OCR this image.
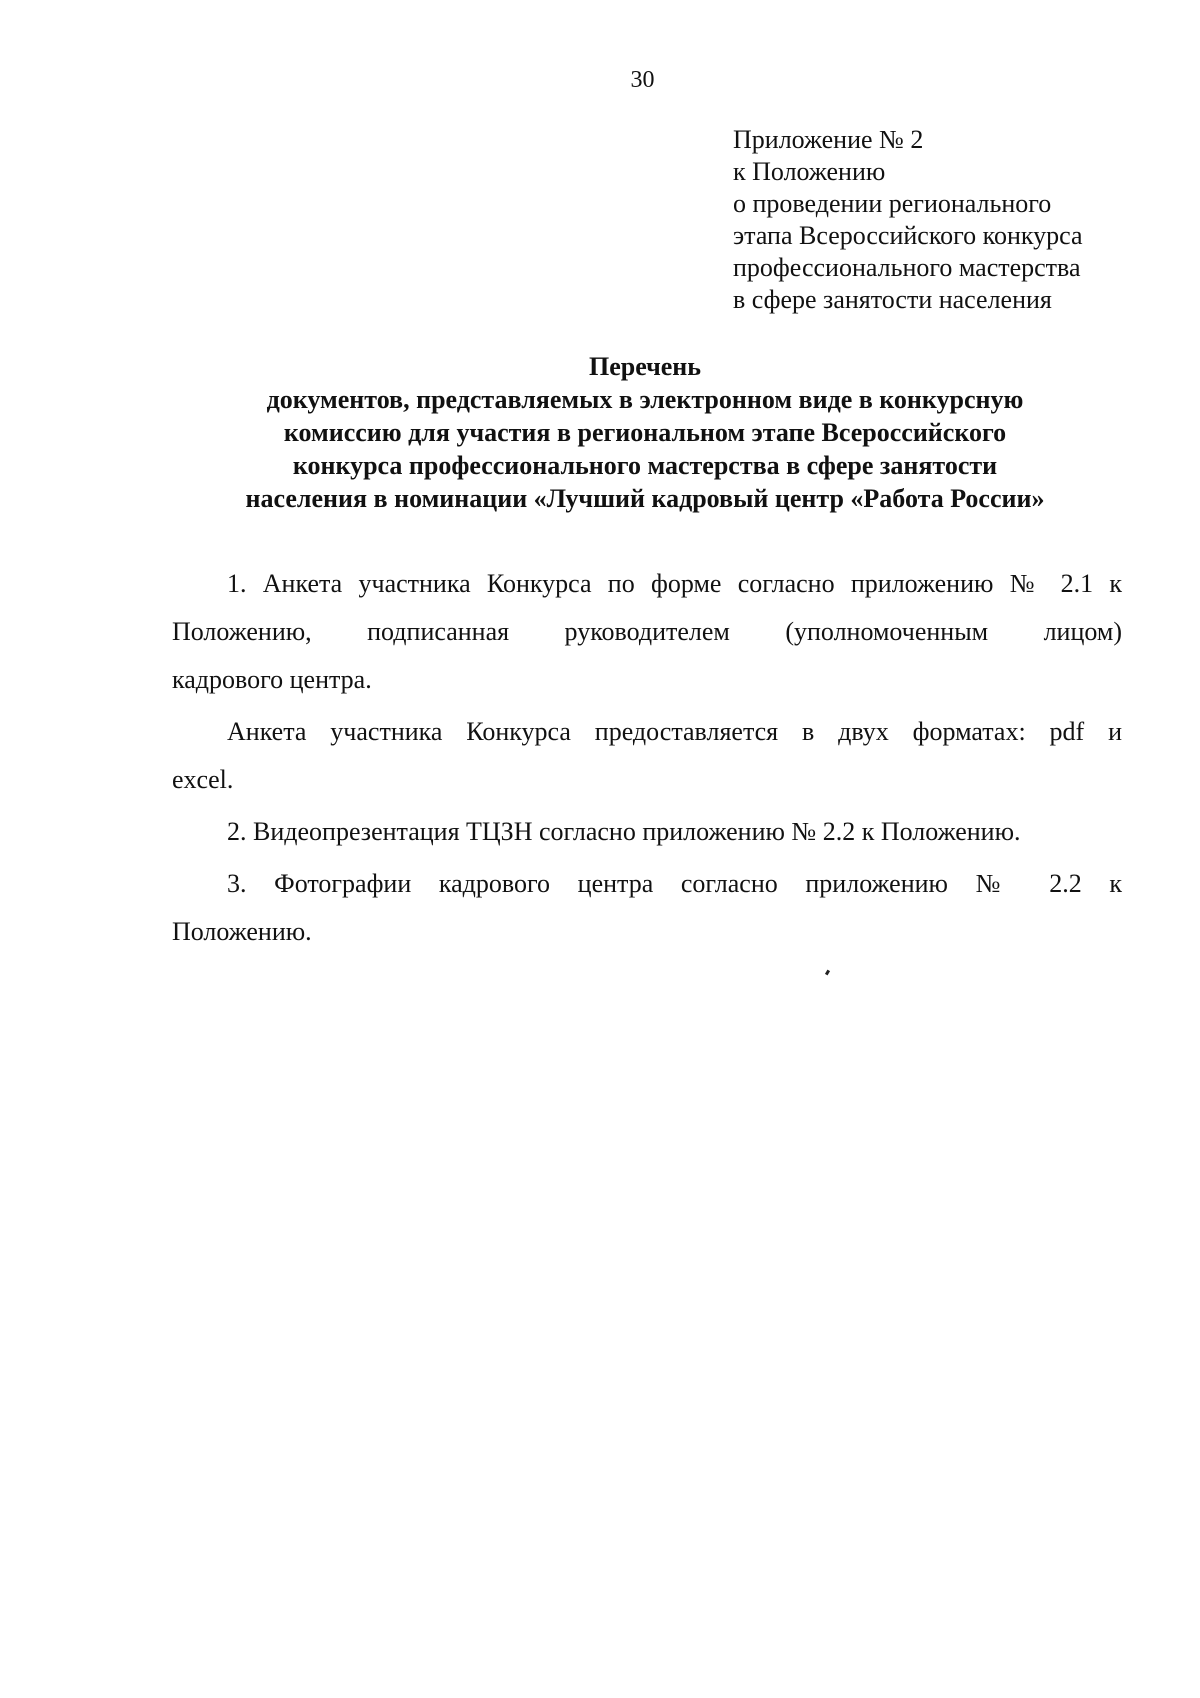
30
Приложение № 2
к Положению
о проведении регионального
этапа Всероссийского конкурса
профессионального мастерства
в сфере занятости населения
Перечень
документов, представляемых в электронном виде в конкурсную
комиссию для участия в региональном этапе Всероссийского
конкурса профессионального мастерства в сфере занятости
населения в номинации «Лучший кадровый центр «Работа России»
1. Анкета участника Конкурса по форме согласно приложению № 2.1 к
Положению, подписанная руководителем (уполномоченным лицом)
кадрового центра.
Анкета участника Конкурса предоставляется в двух форматах: pdf и
excel.
2. Видеопрезентация ТЦЗН согласно приложению № 2.2 к Положению.
3. Фотографии кадрового центра согласно приложению № 2.2 к
Положению.
